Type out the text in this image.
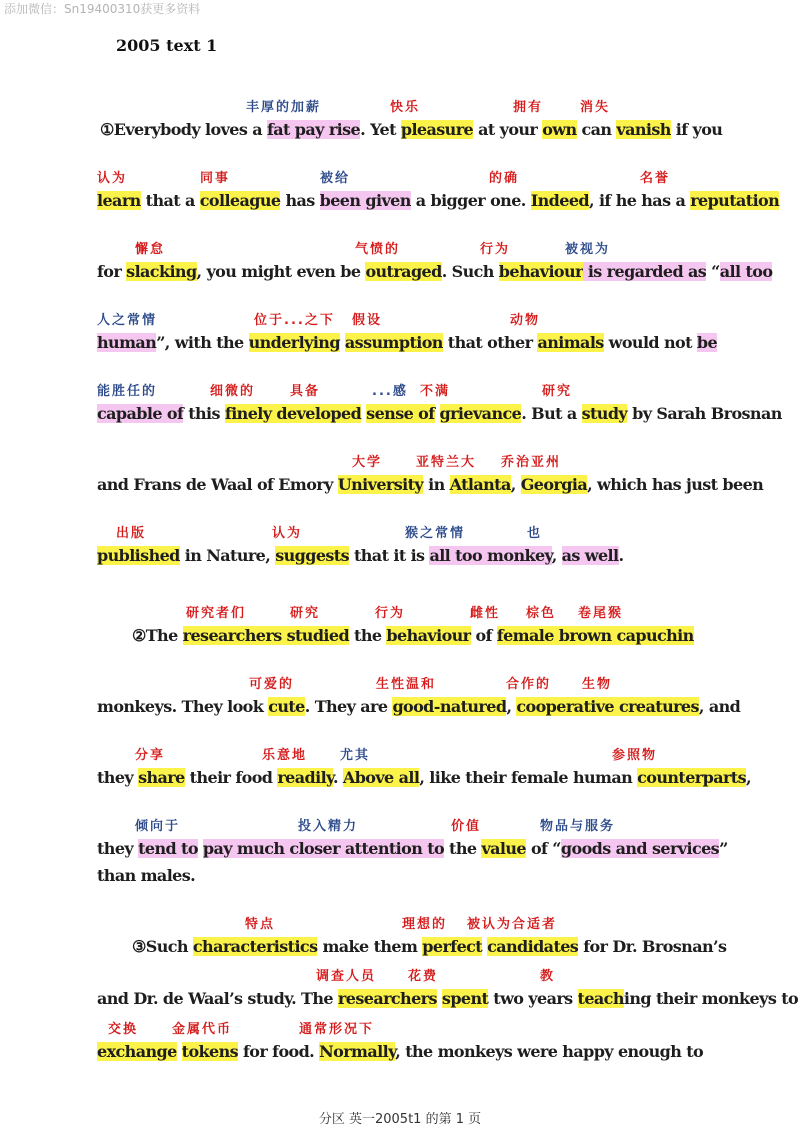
添加微信：Sn19400310获更多资料
2005 text 1
丰厚的加薪	快乐	拥有	消失
①Everybody loves a fat pay rise. Yet pleasure at your own can vanish if you
认为	同事	被给	的确	名誉
learn that a colleague has been given a bigger one. Indeed, if he has a reputation
懈怠	气愤的	行为	被视为
for slacking, you might even be outraged. Such behaviour is regarded as “all too
人之常情	位于...之下 假设	动物
human”, with the underlying assumption that other animals would not be
能胜任的	细微的	具备	...感 不满	研究
capable of this finely developed sense of grievance. But a study by Sarah Brosnan
大学	亚特兰大 乔治亚州
and Frans de Waal of Emory University in Atlanta, Georgia, which has just been
出版	认为	猴之常情	也
published in Nature, suggests that it is all too monkey, as well.
研究者们	研究	行为	雌性 棕色 卷尾猴
②The researchers studied the behaviour of female brown capuchin
可爱的	生性温和	合作的 生物
monkeys. They look cute. They are good-natured, cooperative creatures, and
分享	乐意地	尤其	参照物
they share their food readily. Above all, like their female human counterparts,
倾向于	投入精力	价值	物品与服务
they tend to pay much closer attention to the value of “goods and services”
than males.
特点	理想的 被认为合适者
③Such characteristics make them perfect candidates for Dr. Brosnan’s
调查人员 花费	教
and Dr. de Waal’s study. The researchers spent two years teaching their monkeys to
交换	金属代币	通常形况下
exchange tokens for food. Normally, the monkeys were happy enough to
分区 英一2005t1 的第 1 页
